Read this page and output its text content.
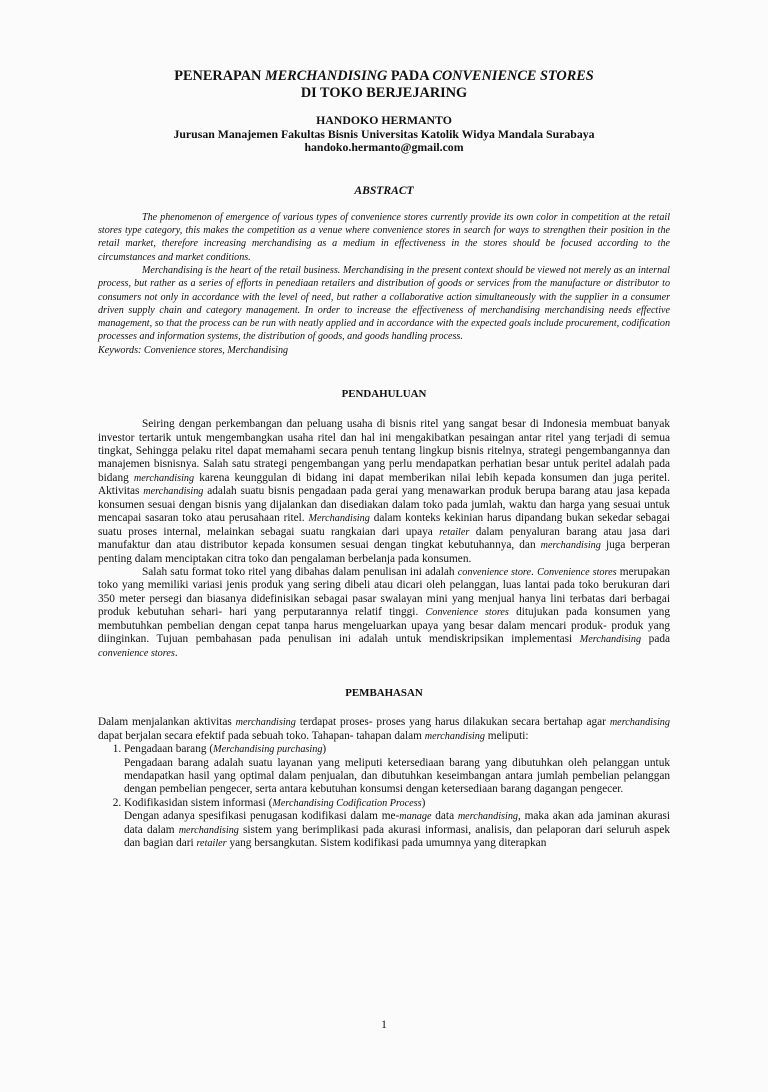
PENERAPAN MERCHANDISING PADA CONVENIENCE STORES
DI TOKO BERJEJARING
HANDOKO HERMANTO
Jurusan Manajemen Fakultas Bisnis Universitas Katolik Widya Mandala Surabaya
handoko.hermanto@gmail.com
ABSTRACT

The phenomenon of emergence of various types of convenience stores currently provide its own color in competition at the retail stores type category, this makes the competition as a venue where convenience stores in search for ways to strengthen their position in the retail market, therefore increasing merchandising as a medium in effectiveness in the stores should be focused according to the circumstances and market conditions.

Merchandising is the heart of the retail business. Merchandising in the present context should be viewed not merely as an internal process, but rather as a series of efforts in penediaan retailers and distribution of goods or services from the manufacture or distributor to consumers not only in accordance with the level of need, but rather a collaborative action simultaneously with the supplier in a consumer driven supply chain and category management. In order to increase the effectiveness of merchandising merchandising needs effective management, so that the process can be run with neatly applied and in accordance with the expected goals include procurement, codification processes and information systems, the distribution of goods, and goods handling process.

Keywords: Convenience stores, Merchandising

PENDAHULUAN

Seiring dengan perkembangan dan peluang usaha di bisnis ritel yang sangat besar di Indonesia membuat banyak investor tertarik untuk mengembangkan usaha ritel dan hal ini mengakibatkan pesaingan antar ritel yang terjadi di semua tingkat, Sehingga pelaku ritel dapat memahami secara penuh tentang lingkup bisnis ritelnya, strategi pengembangannya dan manajemen bisnisnya. Salah satu strategi pengembangan yang perlu mendapatkan perhatian besar untuk peritel adalah pada bidang merchandising karena keunggulan di bidang ini dapat memberikan nilai lebih kepada konsumen dan juga peritel. Aktivitas merchandising adalah suatu bisnis pengadaan pada gerai yang menawarkan produk berupa barang atau jasa kepada konsumen sesuai dengan bisnis yang dijalankan dan disediakan dalam toko pada jumlah, waktu dan harga yang sesuai untuk mencapai sasaran toko atau perusahaan ritel. Merchandising dalam konteks kekinian harus dipandang bukan sekedar sebagai suatu proses internal, melainkan sebagai suatu rangkaian dari upaya retailer dalam penyaluran barang atau jasa dari manufaktur dan atau distributor kepada konsumen sesuai dengan tingkat kebutuhannya, dan merchandising juga berperan penting dalam menciptakan citra toko dan pengalaman berbelanja pada konsumen.

Salah satu format toko ritel yang dibahas dalam penulisan ini adalah convenience store. Convenience stores merupakan toko yang memiliki variasi jenis produk yang sering dibeli atau dicari oleh pelanggan, luas lantai pada toko berukuran dari 350 meter persegi dan biasanya didefinisikan sebagai pasar swalayan mini yang menjual hanya lini terbatas dari berbagai produk kebutuhan sehari- hari yang perputarannya relatif tinggi. Convenience stores ditujukan pada konsumen yang membutuhkan pembelian dengan cepat tanpa harus mengeluarkan upaya yang besar dalam mencari produk- produk yang diinginkan. Tujuan pembahasan pada penulisan ini adalah untuk mendiskripsikan implementasi Merchandising pada convenience stores.

PEMBAHASAN

Dalam menjalankan aktivitas merchandising terdapat proses- proses yang harus dilakukan secara bertahap agar merchandising dapat berjalan secara efektif pada sebuah toko. Tahapan- tahapan dalam merchandising meliputi:

1. Pengadaan barang (Merchandising purchasing)
Pengadaan barang adalah suatu layanan yang meliputi ketersediaan barang yang dibutuhkan oleh pelanggan untuk mendapatkan hasil yang optimal dalam penjualan, dan dibutuhkan keseimbangan antara jumlah pembelian pelanggan dengan pembelian pengecer, serta antara kebutuhan konsumsi dengan ketersediaan barang dagangan pengecer.
2. Kodifikasidan sistem informasi (Merchandising Codification Process)
Dengan adanya spesifikasi penugasan kodifikasi dalam me-manage data merchandising, maka akan ada jaminan akurasi data dalam merchandising sistem yang berimplikasi pada akurasi informasi, analisis, dan pelaporan dari seluruh aspek dan bagian dari retailer yang bersangkutan. Sistem kodifikasi pada umumnya yang diterapkan
1
